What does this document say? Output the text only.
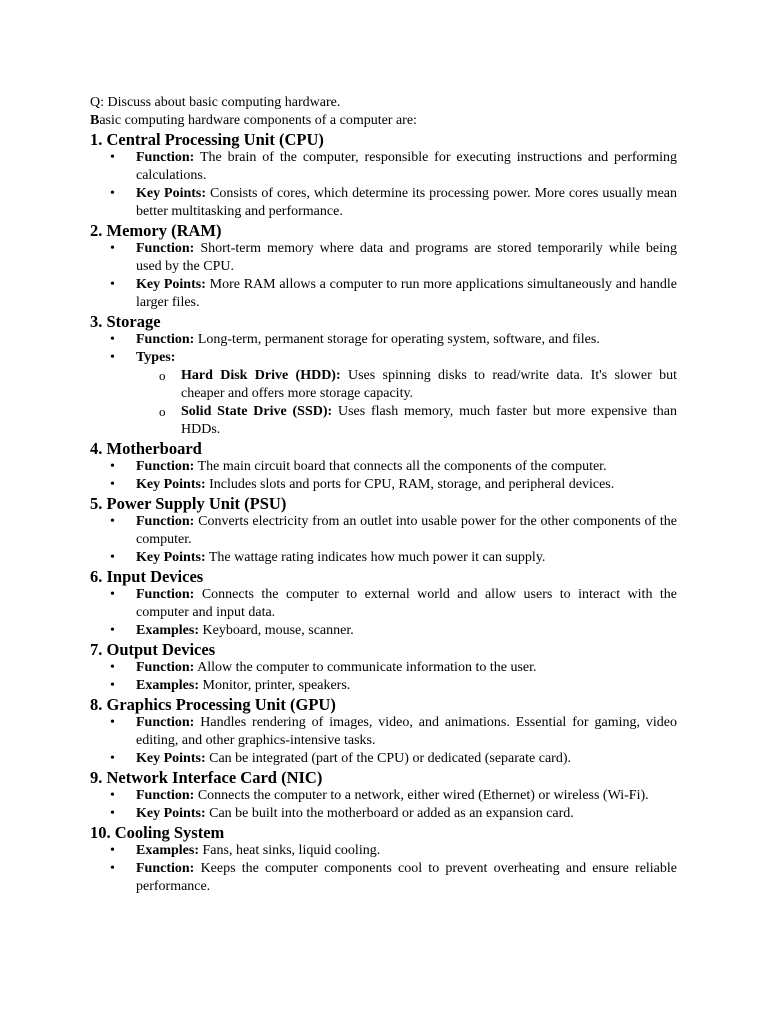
Q: Discuss about basic computing hardware.

Basic computing hardware components of a computer are:

1. Central Processing Unit (CPU)
• Function: The brain of the computer, responsible for executing instructions and performing calculations.
• Key Points: Consists of cores, which determine its processing power. More cores usually mean better multitasking and performance.
2. Memory (RAM)
• Function: Short-term memory where data and programs are stored temporarily while being used by the CPU.
• Key Points: More RAM allows a computer to run more applications simultaneously and handle larger files.
3. Storage
• Function: Long-term, permanent storage for operating system, software, and files.
• Types:
o Hard Disk Drive (HDD): Uses spinning disks to read/write data. It's slower but cheaper and offers more storage capacity.
o Solid State Drive (SSD): Uses flash memory, much faster but more expensive than HDDs.
4. Motherboard
• Function: The main circuit board that connects all the components of the computer.
• Key Points: Includes slots and ports for CPU, RAM, storage, and peripheral devices.
5. Power Supply Unit (PSU)
• Function: Converts electricity from an outlet into usable power for the other components of the computer.
• Key Points: The wattage rating indicates how much power it can supply.
6. Input Devices
• Function: Connects the computer to external world and allow users to interact with the computer and input data.
• Examples: Keyboard, mouse, scanner.
7. Output Devices
• Function: Allow the computer to communicate information to the user.
• Examples: Monitor, printer, speakers.
8. Graphics Processing Unit (GPU)
• Function: Handles rendering of images, video, and animations. Essential for gaming, video editing, and other graphics-intensive tasks.
• Key Points: Can be integrated (part of the CPU) or dedicated (separate card).
9. Network Interface Card (NIC)
• Function: Connects the computer to a network, either wired (Ethernet) or wireless (Wi-Fi).
• Key Points: Can be built into the motherboard or added as an expansion card.
10. Cooling System
• Examples: Fans, heat sinks, liquid cooling.
• Function: Keeps the computer components cool to prevent overheating and ensure reliable performance.
